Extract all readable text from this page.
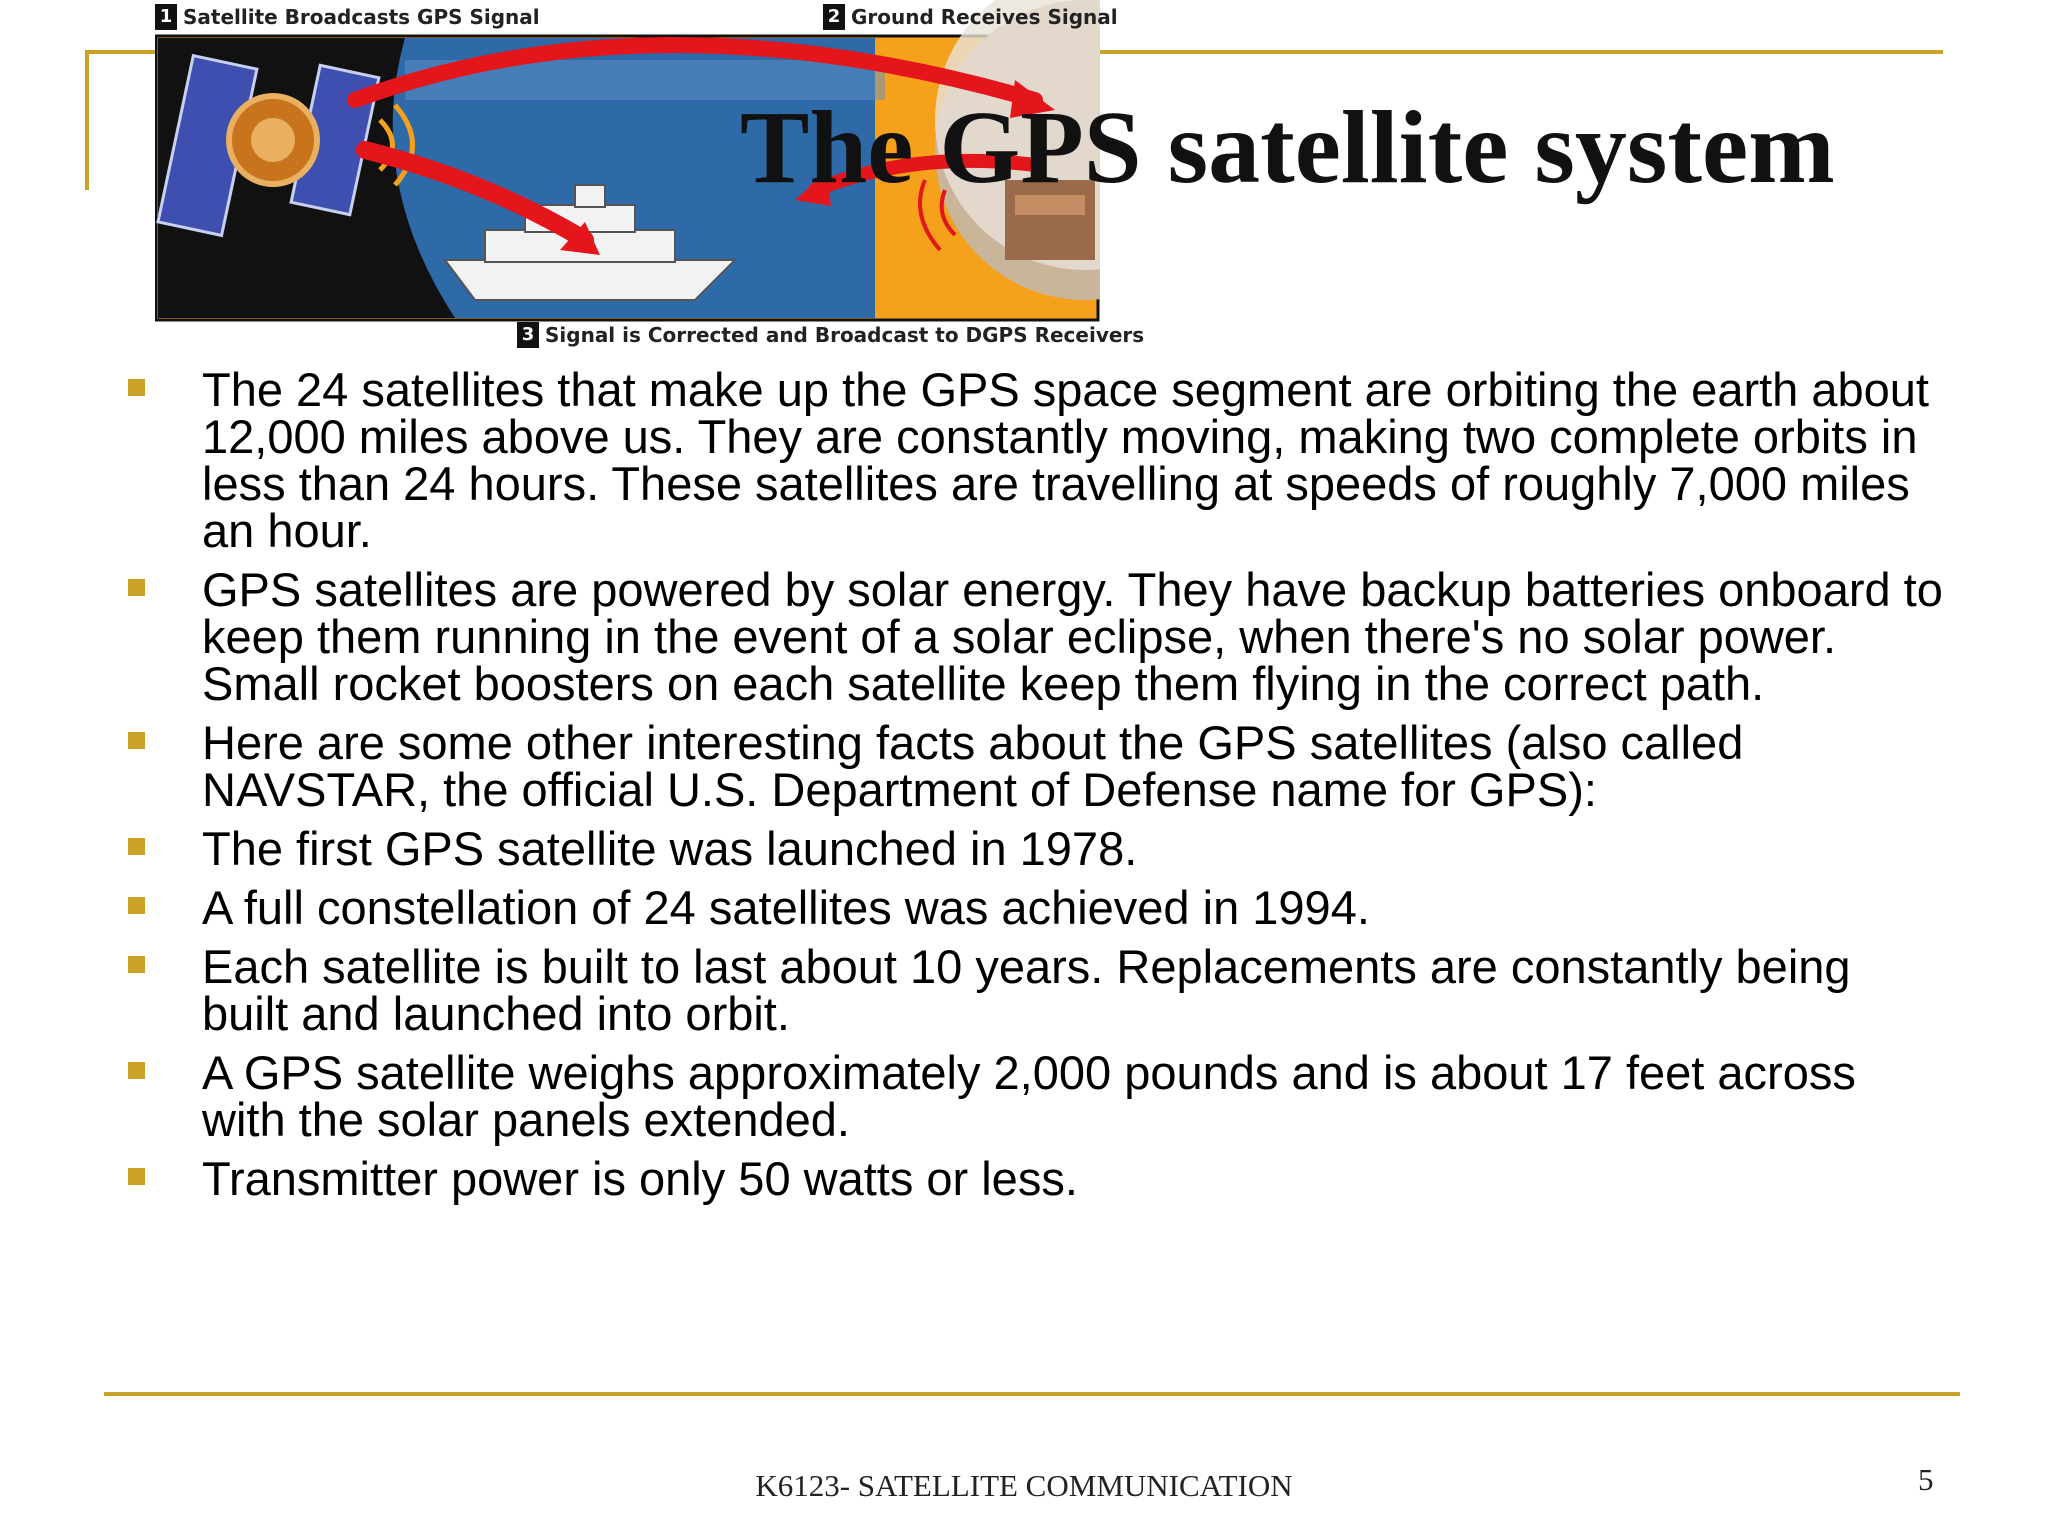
1 Satellite Broadcasts GPS Signal	2 Ground Receives Signal
3 Signal is Corrected and Broadcast to DGPS Receivers
The GPS satellite system
The 24 satellites that make up the GPS space segment are orbiting the earth about 12,000 miles above us. They are constantly moving, making two complete orbits in less than 24 hours. These satellites are travelling at speeds of roughly 7,000 miles an hour.
GPS satellites are powered by solar energy. They have backup batteries onboard to keep them running in the event of a solar eclipse, when there's no solar power. Small rocket boosters on each satellite keep them flying in the correct path.
Here are some other interesting facts about the GPS satellites (also called NAVSTAR, the official U.S. Department of Defense name for GPS):
The first GPS satellite was launched in 1978.
A full constellation of 24 satellites was achieved in 1994.
Each satellite is built to last about 10 years. Replacements are constantly being built and launched into orbit.
A GPS satellite weighs approximately 2,000 pounds and is about 17 feet across with the solar panels extended.
Transmitter power is only 50 watts or less.
K6123- SATELLITE COMMUNICATION	5
